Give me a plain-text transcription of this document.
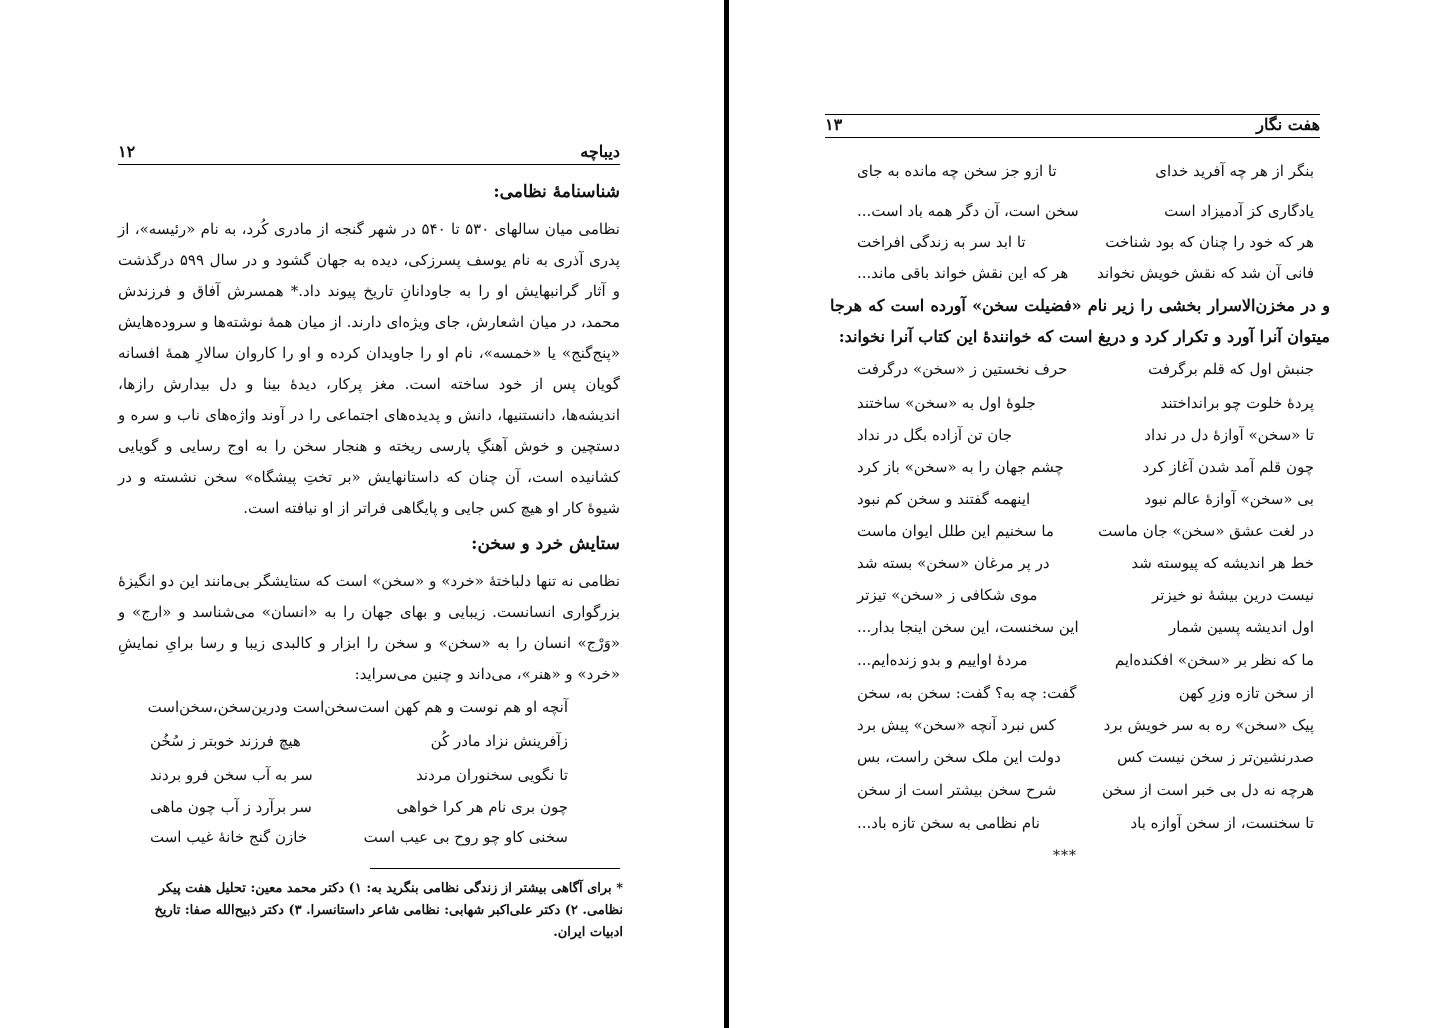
دیباچه
۱۲
شناسنامهٔ نظامی:
نظامی میان سالهای ۵۳۰ تا ۵۴۰ در شهر گنجه از مادری کُرد، به نام «رئیسه»، از پدری آذری به نام یوسف پسرزکی، دیده به جهان گشود و در سال ۵۹۹ درگذشت و آثار گرانبهایش او را به جاودانانِ تاریخ پیوند داد.* همسرش آفاق و فرزندش محمد، در میان اشعارش، جای ویژه‌ای دارند. از میان همهٔ نوشته‌ها و سروده‌هایش «پنج‌گنج» یا «خمسه»، نام او را جاویدان کرده و او را کاروان سالارِ همهٔ افسانه گویان پس از خود ساخته است. مغز پرکار، دیدهٔ بینا و دل بیدارش رازها، اندیشه‌ها، دانستنیها، دانش و پدیده‌های اجتماعی را در آوند واژه‌های ناب و سره و دستچین و خوش آهنگِ پارسی ریخته و هنجار سخن را به اوج رسایی و گویایی کشانیده است، آن چنان که داستانهایش «بر تختِ پیشگاه» سخن نشسته و در شیوهٔ کار او هیچ کس جایی و پایگاهی فراتر از او نیافته است.
ستایش خرد و سخن:
نظامی نه تنها دلباختهٔ «خرد» و «سخن» است که ستایشگر بی‌مانند این دو انگیزهٔ بزرگواری انسانست. زیبایی و بهای جهان را به «انسان» می‌شناسد و «ارج» و «وَرْج» انسان را به «سخن» و سخن را ابزار و کالبدی زیبا و رسا برایِ نمایشِ «خرد» و «هنر»، می‌داند و چنین می‌سراید:
آنچه او هم نوست و هم کهن است
سخن‌است ودرین‌سخن،سخن‌است
زآفرینش نزاد مادر کُن
هیچ فرزند خوبتر ز سُخُن
تا نگویی سخنوران مردند
سر به آب سخن فرو بردند
چون بری نام هر کرا خواهی
سر برآرد ز آب چون ماهی
سخنی کاو چو روح بی عیب است
خازن گنج خانهٔ غیب است
* برای آگاهی بیشتر از زندگی نظامی بنگرید به: ۱) دکتر محمد معین: تحلیل هفت پیکر نظامی. ۲) دکتر علی‌اکبر شهابی: نظامی شاعر داستانسرا. ۳) دکتر ذبیح‌الله صفا: تاریخ ادبیات ایران.
هفت نگار
۱۳
بنگر از هر چه آفرید خدای
تا ازو جز سخن چه مانده به جای
یادگاری کز آدمیزاد است
سخن است، آن دگر همه باد است...
هر که خود را چنان که بود شناخت
تا ابد سر به زندگی افراخت
فانی آن شد که نقش خویش نخواند
هر که این نقش خواند باقی ماند...
و در مخزن‌الاسرار بخشی را زیر نام «فضیلت سخن» آورده است که هرجا میتوان آنرا آورد و تکرار کرد و دریغ است که خوانندهٔ این کتاب آنرا نخواند:
جنبش اول که قلم برگرفت
حرف نخستین ز «سخن» درگرفت
پردهٔ خلوت چو برانداختند
جلوهٔ اول به «سخن» ساختند
تا «سخن» آوازهٔ دل در نداد
جان تن آزاده بگل در نداد
چون قلم آمد شدن آغاز کرد
چشم جهان را به «سخن» باز کرد
بی «سخن» آوازهٔ عالم نبود
اینهمه گفتند و سخن کم نبود
در لغت عشق «سخن» جان ماست
ما سخنیم این طلل ایوان ماست
خط هر اندیشه که پیوسته شد
در پر مرغان «سخن» بسته شد
نیست درین بیشهٔ نو خیزتر
موی شکافی ز «سخن» تیزتر
اول اندیشه پسین شمار
این سخنست، این سخن اینجا بدار...
ما که نظر بر «سخن» افکنده‌ایم
مردهٔ اواییم و بدو زنده‌ایم...
از سخن تازه وزرِ کهن
گفت: چه به؟ گفت: سخن به، سخن
پیک «سخن» ره به سر خویش برد
کس نبرد آنچه «سخن» پیش برد
صدرنشین‌تر ز سخن نیست کس
دولت این ملک سخن راست، بس
هرچه نه دل بی خبر است از سخن
شرح سخن بیشتر است از سخن
تا سخنست، از سخن آوازه باد
نام نظامی به سخن تازه باد...
***
